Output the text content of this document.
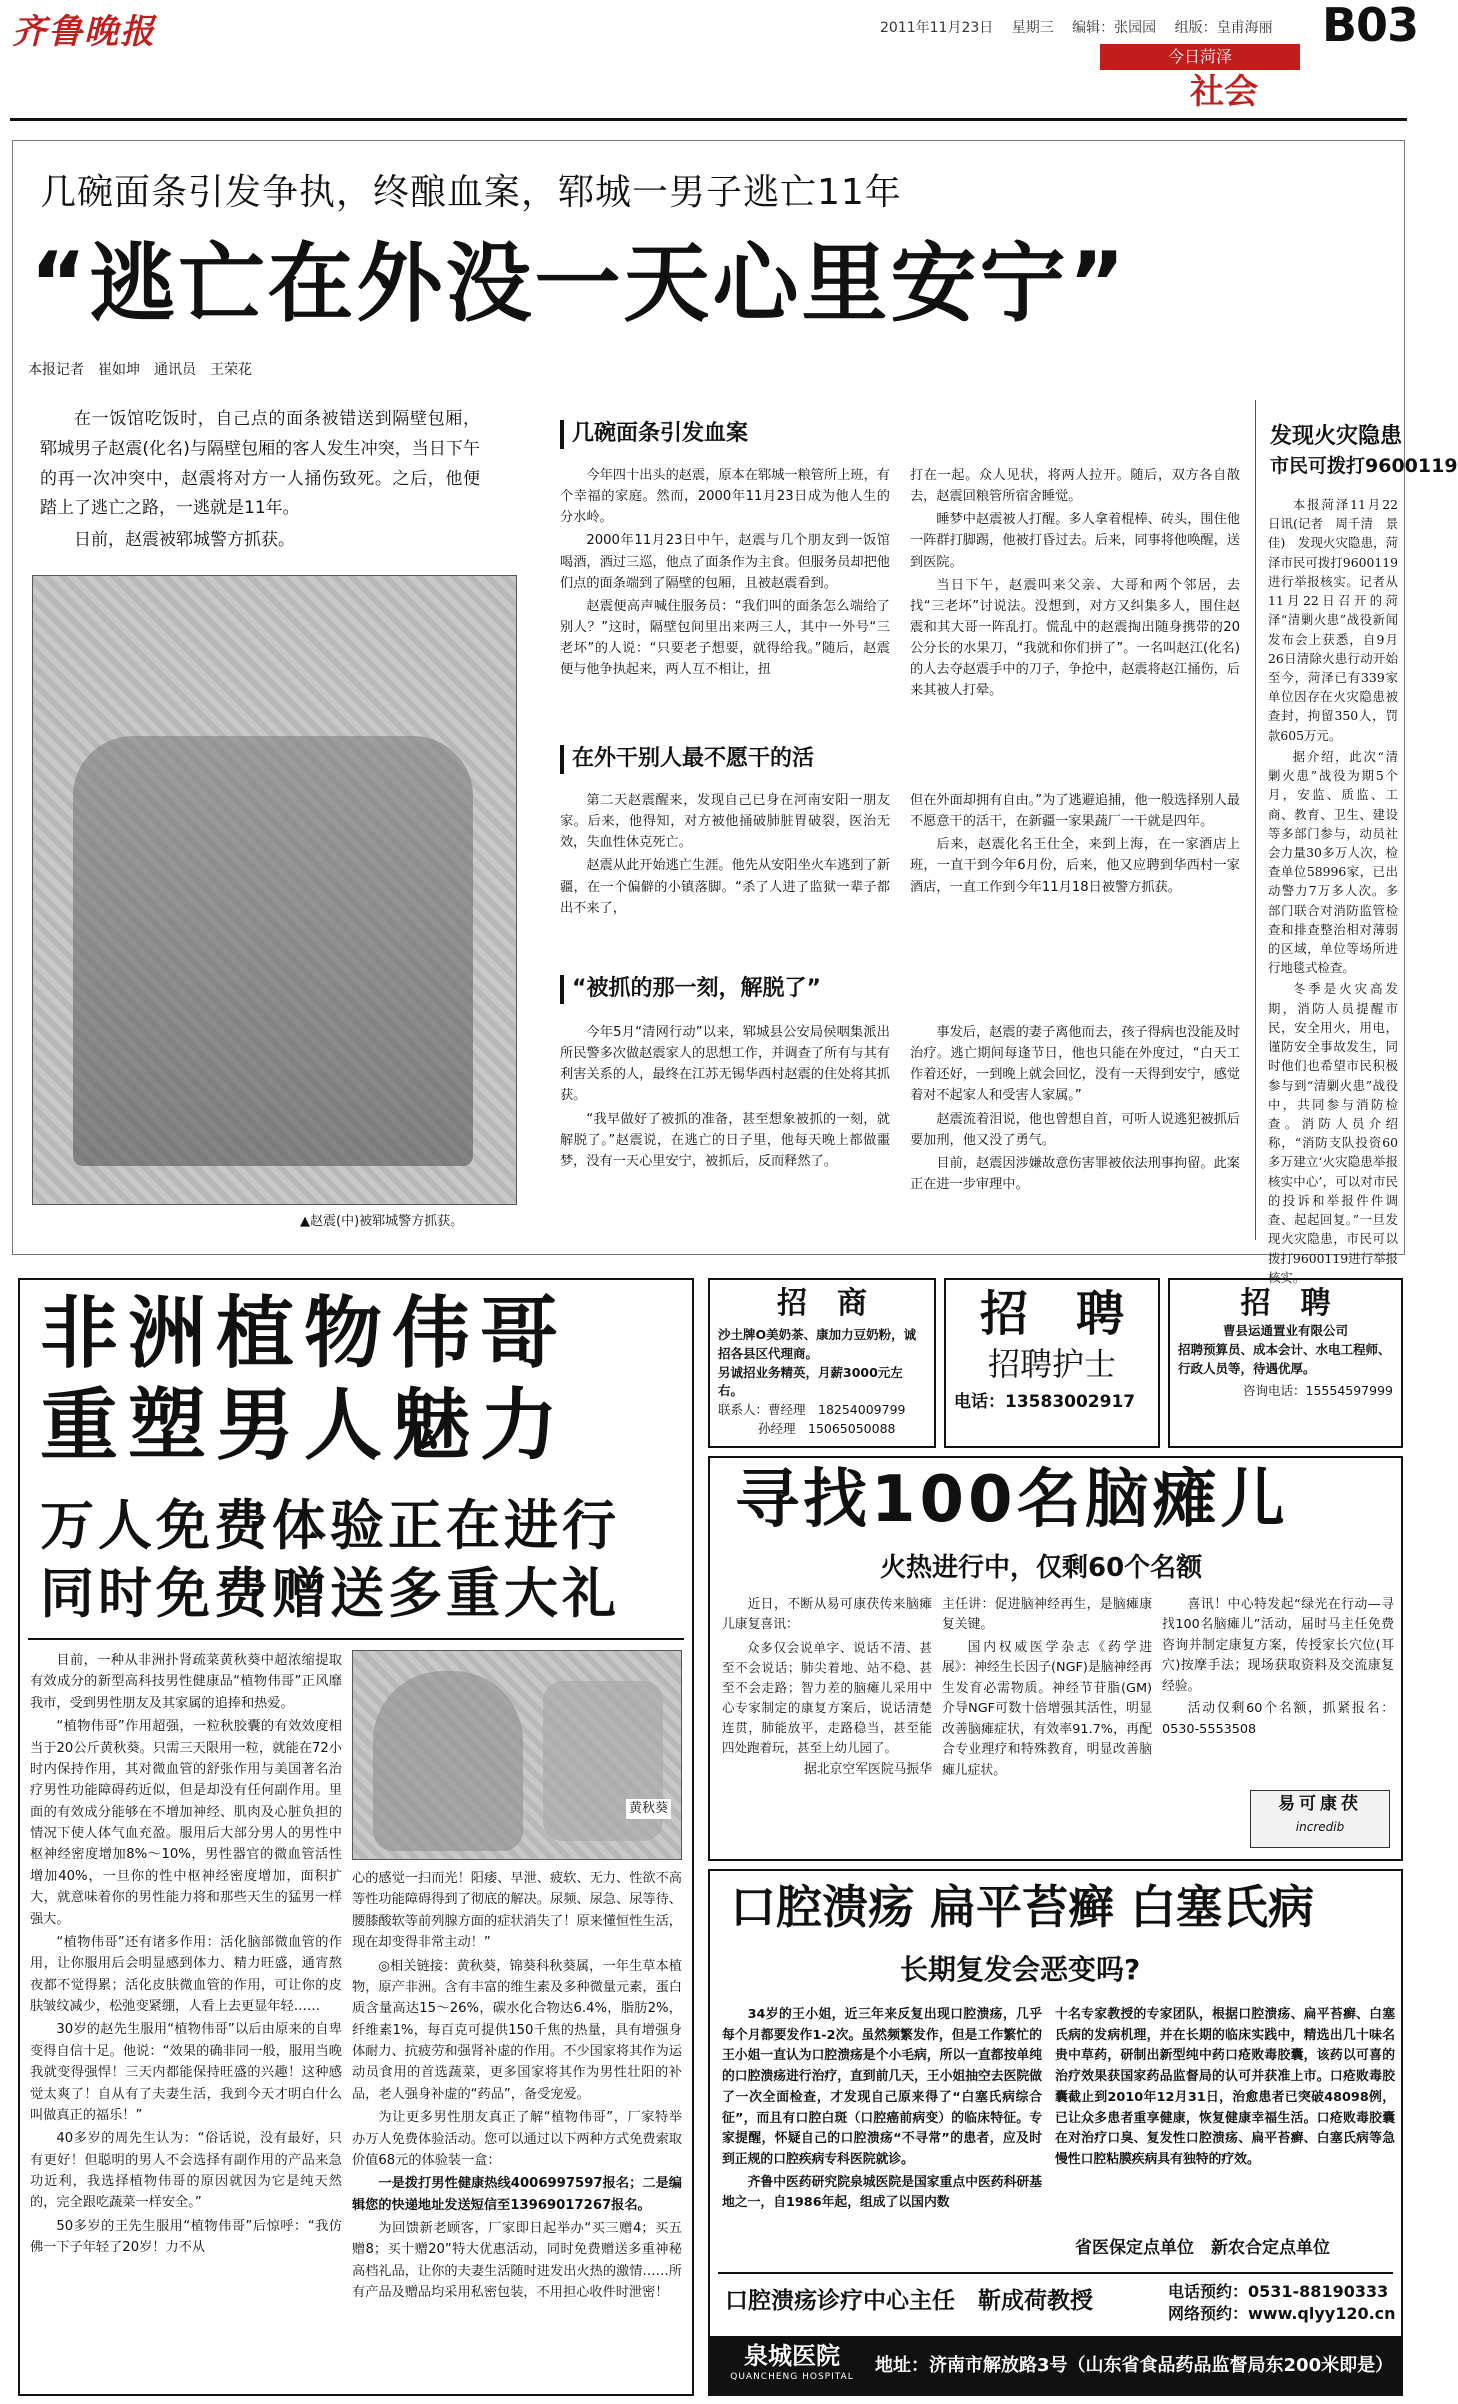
齐鲁晚报	2011年11月23日　 星期三　 编辑：张园园　 组版：皇甫海丽 B03
今日菏泽
社会
几碗面条引发争执，终酿血案，郓城一男子逃亡11年
“逃亡在外没一天心里安宁”
本报记者　崔如坤　通讯员　王荣花

在一饭馆吃饭时，自己点的面条被错送到隔壁包厢，郓城男子赵震(化名)与隔壁包厢的客人发生冲突，当日下午的再一次冲突中，赵震将对方一人捅伤致死。之后，他便踏上了逃亡之路，一逃就是11年。

日前，赵震被郓城警方抓获。

▲赵震(中)被郓城警方抓获。
几碗面条引发血案

今年四十出头的赵震，原本在郓城一粮管所上班，有个幸福的家庭。然而，2000年11月23日成为他人生的分水岭。

2000年11月23日中午，赵震与几个朋友到一饭馆喝酒，酒过三巡，他点了面条作为主食。但服务员却把他们点的面条端到了隔壁的包厢，且被赵震看到。

赵震便高声喊住服务员：“我们叫的面条怎么端给了别人？”这时，隔壁包间里出来两三人，其中一外号“三老坏”的人说：“只要老子想要，就得给我。”随后，赵震便与他争执起来，两人互不相让，扭

打在一起。众人见状，将两人拉开。随后，双方各自散去，赵震回粮管所宿舍睡觉。

睡梦中赵震被人打醒。多人拿着棍棒、砖头，围住他一阵群打脚踢，他被打昏过去。后来，同事将他唤醒，送到医院。

当日下午，赵震叫来父亲、大哥和两个邻居，去找“三老坏”讨说法。没想到，对方又纠集多人，围住赵震和其大哥一阵乱打。慌乱中的赵震掏出随身携带的20公分长的水果刀，“我就和你们拼了”。一名叫赵江(化名)的人去夺赵震手中的刀子，争抢中，赵震将赵江捅伤，后来其被人打晕。

在外干别人最不愿干的活

第二天赵震醒来，发现自己已身在河南安阳一朋友家。后来，他得知，对方被他捅破肺脏胃破裂，医治无效，失血性休克死亡。

赵震从此开始逃亡生涯。他先从安阳坐火车逃到了新疆，在一个偏僻的小镇落脚。“杀了人进了监狱一辈子都出不来了，

但在外面却拥有自由。”为了逃避追捕，他一般选择别人最不愿意干的活干，在新疆一家果蔬厂一干就是四年。

后来，赵震化名王仕全，来到上海，在一家酒店上班，一直干到今年6月份，后来，他又应聘到华西村一家酒店，一直工作到今年11月18日被警方抓获。

“被抓的那一刻，解脱了”

今年5月“清网行动”以来，郓城县公安局侯咽集派出所民警多次做赵震家人的思想工作，并调查了所有与其有利害关系的人，最终在江苏无锡华西村赵震的住处将其抓获。

“我早做好了被抓的准备，甚至想象被抓的一刻，就解脱了。”赵震说，在逃亡的日子里，他每天晚上都做噩梦，没有一天心里安宁，被抓后，反而释然了。

事发后，赵震的妻子离他而去，孩子得病也没能及时治疗。逃亡期间每逢节日，他也只能在外度过，“白天工作着还好，一到晚上就会回忆，没有一天得到安宁，感觉着对不起家人和受害人家属。”

赵震流着泪说，他也曾想自首，可听人说逃犯被抓后要加刑，他又没了勇气。

目前，赵震因涉嫌故意伤害罪被依法刑事拘留。此案正在进一步审理中。

发现火灾隐患
市民可拨打9600119

本报菏泽11月22日讯(记者　周千清　景佳)　发现火灾隐患，菏泽市民可拨打9600119进行举报核实。记者从11月22日召开的菏泽“清剿火患”战役新闻发布会上获悉，自9月26日清除火患行动开始至今，菏泽已有339家单位因存在火灾隐患被查封，拘留350人，罚款605万元。

据介绍，此次“清剿火患”战役为期5个月，安监、质监、工商、教育、卫生、建设等多部门参与，动员社会力量30多万人次，检查单位58996家，已出动警力7万多人次。多部门联合对消防监管检查和排查整治相对薄弱的区域，单位等场所进行地毯式检查。

冬季是火灾高发期，消防人员提醒市民，安全用火，用电，谨防安全事故发生，同时他们也希望市民积极参与到“清剿火患”战役中，共同参与消防检查。消防人员介绍称，“消防支队投资60多万建立‘火灾隐患举报核实中心’，可以对市民的投诉和举报件件调查、起起回复。”一旦发现火灾隐患，市民可以拨打9600119进行举报核实。

非洲植物伟哥
重塑男人魅力
万人免费体验正在进行
同时免费赠送多重大礼

目前，一种从非洲扑肾疏菜黄秋葵中超浓缩提取有效成分的新型高科技男性健康品“植物伟哥”正风靡我市，受到男性朋友及其家属的追捧和热爱。

“植物伟哥”作用超强，一粒秋胶囊的有效效度相当于20公斤黄秋葵。只需三天限用一粒，就能在72小时内保持作用，其对微血管的舒张作用与美国著名治疗男性功能障碍药近似，但是却没有任何副作用。里面的有效成分能够在不增加神经、肌肉及心脏负担的情况下使人体气血充盈。服用后大部分男人的男性中枢神经密度增加8%～10%，男性器官的微血管活性增加40%，一旦你的性中枢神经密度增加，面积扩大，就意味着你的男性能力将和那些天生的猛男一样强大。

“植物伟哥”还有诸多作用：活化脑部微血管的作用，让你服用后会明显感到体力、精力旺盛，通宵熬夜都不觉得累；活化皮肤微血管的作用，可让你的皮肤皱纹减少，松弛变紧绷，人看上去更显年轻……

30岁的赵先生服用“植物伟哥”以后由原来的自卑变得自信十足。他说：“效果的确非同一般，服用当晚我就变得强悍！三天内都能保持旺盛的兴趣！这种感觉太爽了！自从有了夫妻生活，我到今天才明白什么叫做真正的福乐！”

40多岁的周先生认为：“俗话说，没有最好，只有更好！但聪明的男人不会选择有副作用的产品来急功近利，我选择植物伟哥的原因就因为它是纯天然的，完全跟吃蔬菜一样安全。”

50多岁的王先生服用“植物伟哥”后惊呼：“我仿佛一下子年轻了20岁！力不从

黄秋葵

心的感觉一扫而光！阳痿、早泄、疲软、无力、性欲不高等性功能障碍得到了彻底的解决。尿频、尿急、尿等待、腰膝酸软等前列腺方面的症状消失了！原来懂恒性生活，现在却变得非常主动！”

◎相关链接：黄秋葵，锦葵科秋葵属，一年生草本植物，原产非洲。含有丰富的维生素及多种微量元素，蛋白质含量高达15～26%，碳水化合物达6.4%，脂肪2%，纤维素1%，每百克可提供150千焦的热量，具有增强身体耐力、抗疲劳和强肾补虚的作用。不少国家将其作为运动员食用的首选蔬菜，更多国家将其作为男性壮阳的补品，老人强身补虚的“药品”，备受宠爱。

为让更多男性朋友真正了解“植物伟哥”，厂家特举办万人免费体验活动。您可以通过以下两种方式免费索取价值68元的体验装一盒：

一是拨打男性健康热线4006997597报名；二是编辑您的快递地址发送短信至13969017267报名。

为回馈新老顾客，厂家即日起举办“买三赠4；买五赠8；买十赠20”特大优惠活动，同时免费赠送多重神秘高档礼品，让你的夫妻生活随时进发出火热的激情……所有产品及赠品均采用私密包装，不用担心收件时泄密！

招　商
沙土牌O美奶茶、康加力豆奶粉，诚招各县区代理商。
另诚招业务精英，月薪3000元左右。
联系人：曹经理　18254009799
孙经理　15065050088
招　聘
招聘护士
电话：13583002917
招　聘
曹县运通置业有限公司
招聘预算员、成本会计、水电工程师、行政人员等，待遇优厚。
咨询电话：15554597999
寻找100名脑瘫儿
火热进行中，仅剩60个名额

近日，不断从易可康茯传来脑瘫儿康复喜讯：

众多仅会说单字、说话不清、甚至不会说话；肺尖着地、站不稳、甚至不会走路；智力差的脑瘫儿采用中心专家制定的康复方案后，说话清楚连贯，肺能放平，走路稳当，甚至能四处跑着玩，甚至上幼儿园了。

据北京空军医院马振华

主任讲：促进脑神经再生，是脑瘫康复关键。

国内权威医学杂志《药学进展》：神经生长因子(NGF)是脑神经再生发育必需物质。神经节苷脂(GM)介导NGF可数十倍增强其活性，明显改善脑瘫症状，有效率91.7%，再配合专业理疗和特殊教育，明显改善脑瘫儿症状。

喜讯！中心特发起“绿光在行动—寻找100名脑瘫儿”活动，届时马主任免费咨询并制定康复方案，传授家长穴位(耳穴)按摩手法；现场获取资料及交流康复经验。

活动仅剩60个名额，抓紧报名：0530-5553508

易可康茯
incredib
口腔溃疡 扁平苔癣 白塞氏病
长期复发会恶变吗?

34岁的王小姐，近三年来反复出现口腔溃疡，几乎每个月都要发作1-2次。虽然频繁发作，但是工作繁忙的王小姐一直认为口腔溃疡是个小毛病，所以一直都按单纯的口腔溃疡进行治疗，直到前几天，王小姐抽空去医院做了一次全面检查，才发现自己原来得了“白塞氏病综合征”，而且有口腔白斑（口腔癌前病变）的临床特征。专家提醒，怀疑自己的口腔溃疡“不寻常”的患者，应及时到正规的口腔疾病专科医院就诊。

齐鲁中医药研究院泉城医院是国家重点中医药科研基地之一，自1986年起，组成了以国内数

十名专家教授的专家团队，根据口腔溃疡、扁平苔癣、白塞氏病的发病机理，并在长期的临床实践中，精选出几十味名贵中草药，研制出新型纯中药口疮败毒胶囊，该药以可喜的治疗效果获国家药品监督局的认可并获准上市。口疮败毒胶囊截止到2010年12月31日，治愈患者已突破48098例，已让众多患者重享健康，恢复健康幸福生活。口疮败毒胶囊在对治疗口臭、复发性口腔溃疡、扁平苔癣、白塞氏病等急慢性口腔粘膜疾病具有独特的疗效。

省医保定点单位　新农合定点单位
口腔溃疡诊疗中心主任　靳成荷教授	电话预约：0531-88190333
网络预约：www.qlyy120.cn
泉城医院
QUANCHENG HOSPITAL
地址：济南市解放路3号（山东省食品药品监督局东200米即是）
